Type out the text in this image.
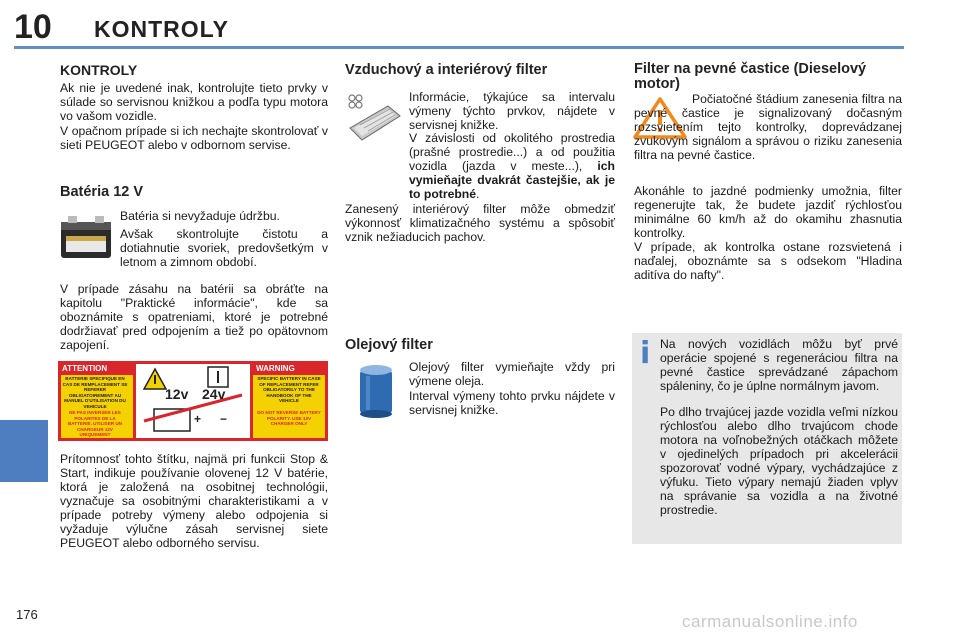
10 KONTROLY
KONTROLY
Ak nie je uvedené inak, kontrolujte tieto prvky v súlade so servisnou knižkou a podľa typu motora vo vašom vozidle.
V opačnom prípade si ich nechajte skontrolovať v sieti PEUGEOT alebo v odbornom servise.
Batéria 12 V
Batéria si nevyžaduje údržbu.
Avšak skontrolujte čistotu a dotiahnutie svoriek, predovšetkým v letnom a zimnom období.
V prípade zásahu na batérii sa obráťte na kapitolu "Praktické informácie", kde sa oboznámite s opatreniami, ktoré je potrebné dodržiavať pred odpojením a tiež po opätovnom zapojení.
ATTENTION	WARNING
BATTERIE SPECIFIQUE EN CAS DE REMPLACEMENT SE REFERER OBLIGATOIREMENT AU MANUEL D'UTILISATION DU VEHICULE
NE PAS INVERSER LES POLARITES DE LA BATTERIE. UTILISER UN CHARGEUR 12V UNIQUEMENT
SPECIFIC BATTERY IN CASE OF REPLACEMENT REFER OBLIGATORILY TO THE HANDBOOK OF THE VEHICLE
DO NOT REVERSE BATTERY POLARITY. USE 12V CHARGER ONLY
12v 24v
+ −
Prítomnosť tohto štítku, najmä pri funkcii Stop & Start, indikuje používanie olovenej 12 V batérie, ktorá je založená na osobitnej technológii, vyznačuje sa osobitnými charakteristikami a v prípade potreby výmeny alebo odpojenia si vyžaduje výlučne zásah servisnej siete PEUGEOT alebo odborného servisu.
Vzduchový a interiérový filter
Informácie, týkajúce sa intervalu výmeny týchto prvkov, nájdete v servisnej knižke.
V závislosti od okolitého prostredia (prašné prostredie...) a od použitia vozidla (jazda v meste...), ich vymieňajte dvakrát častejšie, ak je to potrebné.
Zanesený interiérový filter môže obmedziť výkonnosť klimatizačného systému a spôsobiť vznik nežiaducich pachov.
Olejový filter
Olejový filter vymieňajte vždy pri výmene oleja.
Interval výmeny tohto prvku nájdete v servisnej knižke.
Filter na pevné častice (Dieselový motor)
Počiatočné štádium zanesenia filtra na pevné častice je signalizovaný dočasným rozsvietením tejto kontrolky, doprevádzanej zvukovým signálom a správou o riziku zanesenia filtra na pevné častice.
Akonáhle to jazdné podmienky umožnia, filter regenerujte tak, že budete jazdiť rýchlosťou minimálne 60 km/h až do okamihu zhasnutia kontrolky.
V prípade, ak kontrolka ostane rozsvietená i naďalej, oboznámte sa s odsekom "Hladina aditíva do nafty".
i Na nových vozidlách môžu byť prvé operácie spojené s regeneráciou filtra na pevné častice sprevádzané zápachom spáleniny, čo je úplne normálnym javom.
Po dlho trvajúcej jazde vozidla veľmi nízkou rýchlosťou alebo dlho trvajúcom chode motora na voľnobežných otáčkach môžete v ojedinelých prípadoch pri akcelerácii spozorovať vodné výpary, vychádzajúce z výfuku. Tieto výpary nemajú žiaden vplyv na správanie sa vozidla a na životné prostredie.
176	carmanualsonline.info
